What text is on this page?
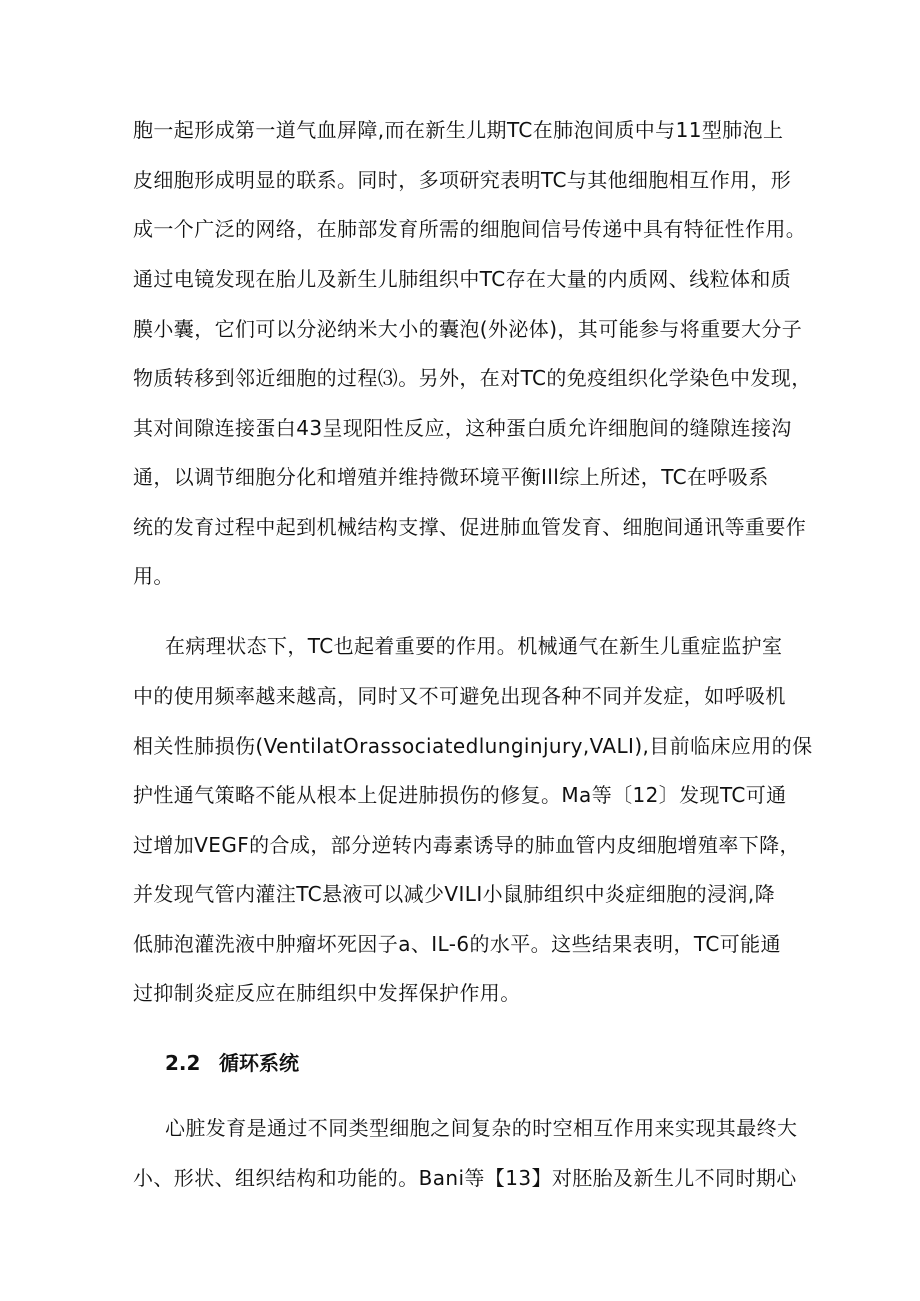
胞一起形成第一道气血屏障,而在新生儿期TC在肺泡间质中与11型肺泡上
皮细胞形成明显的联系。同时，多项研究表明TC与其他细胞相互作用，形
成一个广泛的网络，在肺部发育所需的细胞间信号传递中具有特征性作用。
通过电镜发现在胎儿及新生儿肺组织中TC存在大量的内质网、线粒体和质
膜小囊，它们可以分泌纳米大小的囊泡(外泌体)，其可能参与将重要大分子
物质转移到邻近细胞的过程⑶。另外，在对TC的免疫组织化学染色中发现，
其对间隙连接蛋白43呈现阳性反应，这种蛋白质允许细胞间的缝隙连接沟
通，以调节细胞分化和增殖并维持微环境平衡Ill综上所述，TC在呼吸系
统的发育过程中起到机械结构支撑、促进肺血管发育、细胞间通讯等重要作
用。
在病理状态下，TC也起着重要的作用。机械通气在新生儿重症监护室
中的使用频率越来越高，同时又不可避免出现各种不同并发症，如呼吸机
相关性肺损伤(VentilatOrassociatedlunginjury,VALI),目前临床应用的保
护性通气策略不能从根本上促进肺损伤的修复。Ma等〔12〕发现TC可通
过增加VEGF的合成，部分逆转内毒素诱导的肺血管内皮细胞增殖率下降，
并发现气管内灌注TC悬液可以减少VILI小鼠肺组织中炎症细胞的浸润,降
低肺泡灌洗液中肿瘤坏死因子a、IL-6的水平。这些结果表明，TC可能通
过抑制炎症反应在肺组织中发挥保护作用。
2.2 循环系统
心脏发育是通过不同类型细胞之间复杂的时空相互作用来实现其最终大
小、形状、组织结构和功能的。Bani等【13】对胚胎及新生儿不同时期心
